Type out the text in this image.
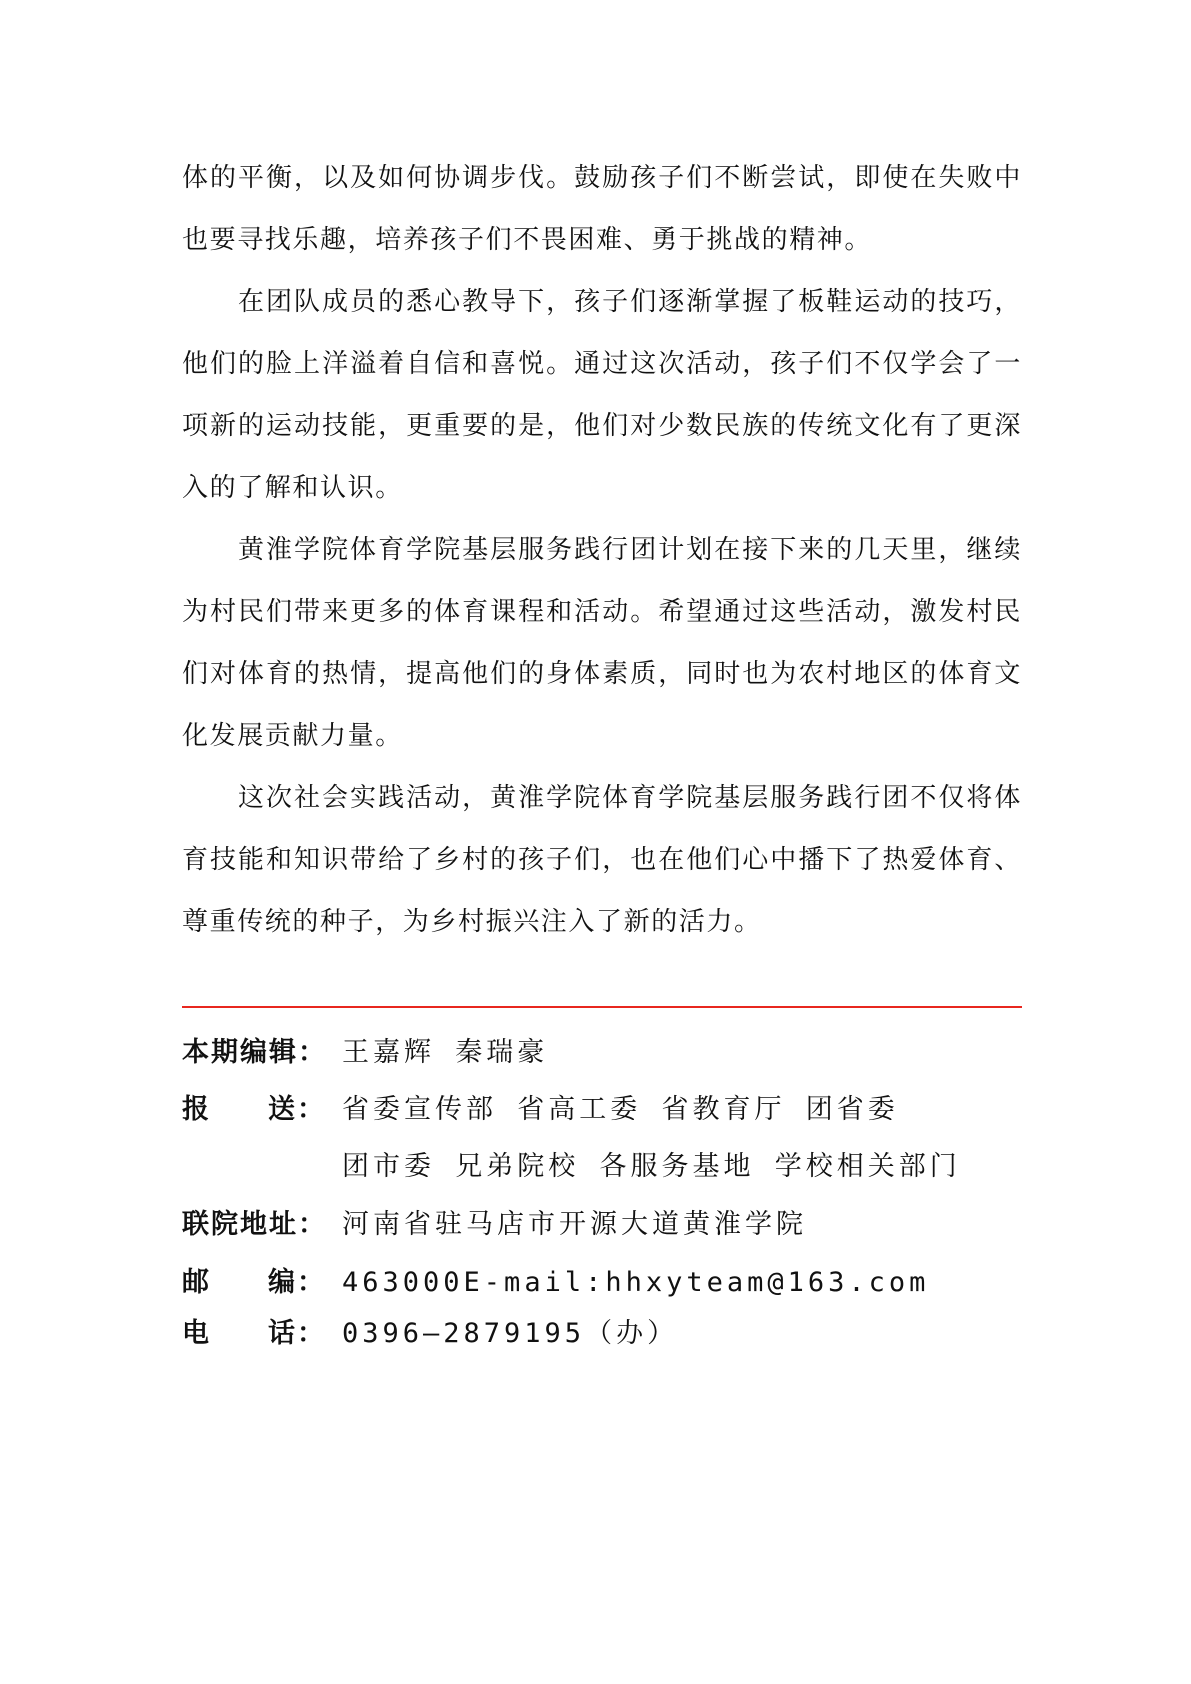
体的平衡，以及如何协调步伐。鼓励孩子们不断尝试，即使在失败中也要寻找乐趣，培养孩子们不畏困难、勇于挑战的精神。

在团队成员的悉心教导下，孩子们逐渐掌握了板鞋运动的技巧，他们的脸上洋溢着自信和喜悦。通过这次活动，孩子们不仅学会了一项新的运动技能，更重要的是，他们对少数民族的传统文化有了更深入的了解和认识。

黄淮学院体育学院基层服务践行团计划在接下来的几天里，继续为村民们带来更多的体育课程和活动。希望通过这些活动，激发村民们对体育的热情，提高他们的身体素质，同时也为农村地区的体育文化发展贡献力量。

这次社会实践活动，黄淮学院体育学院基层服务践行团不仅将体育技能和知识带给了乡村的孩子们，也在他们心中播下了热爱体育、尊重传统的种子，为乡村振兴注入了新的活力。

本期编辑： 王嘉辉 秦瑞豪
报 送： 省委宣传部 省高工委 省教育厅 团省委
团市委 兄弟院校 各服务基地 学校相关部门
联院地址： 河南省驻马店市开源大道黄淮学院
邮 编： 463000 E-mail:hhxyteam@163.com
电 话： 0396—2879195（办）
